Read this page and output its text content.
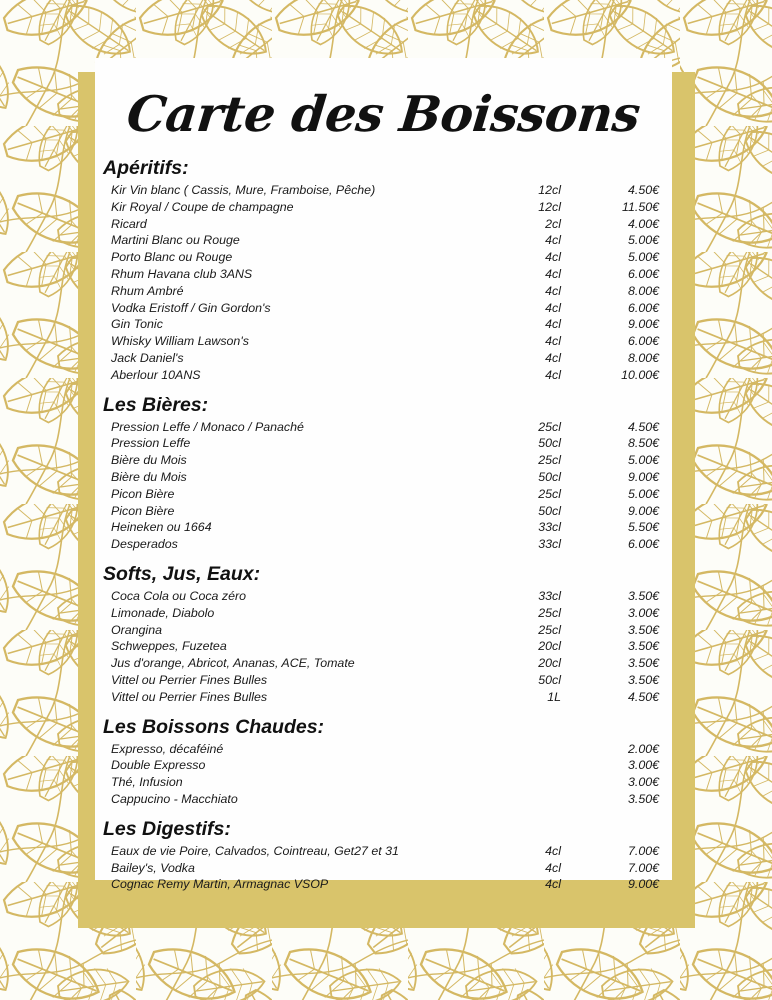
Carte des Boissons
Apéritifs:
Kir Vin blanc ( Cassis, Mure, Framboise, Pêche)	12cl	4.50€
Kir Royal / Coupe de champagne	12cl	11.50€
Ricard	2cl	4.00€
Martini Blanc ou Rouge	4cl	5.00€
Porto Blanc ou Rouge	4cl	5.00€
Rhum Havana club 3ANS	4cl	6.00€
Rhum Ambré	4cl	8.00€
Vodka Eristoff / Gin Gordon's	4cl	6.00€
Gin Tonic	4cl	9.00€
Whisky William Lawson's	4cl	6.00€
Jack Daniel's	4cl	8.00€
Aberlour 10ANS	4cl	10.00€
Les Bières:
Pression Leffe / Monaco / Panaché	25cl	4.50€
Pression Leffe	50cl	8.50€
Bière du Mois	25cl	5.00€
Bière du Mois	50cl	9.00€
Picon Bière	25cl	5.00€
Picon Bière	50cl	9.00€
Heineken ou 1664	33cl	5.50€
Desperados	33cl	6.00€
Softs, Jus, Eaux:
Coca Cola ou Coca zéro	33cl	3.50€
Limonade, Diabolo	25cl	3.00€
Orangina	25cl	3.50€
Schweppes, Fuzetea	20cl	3.50€
Jus d'orange, Abricot, Ananas, ACE, Tomate	20cl	3.50€
Vittel ou Perrier Fines Bulles	50cl	3.50€
Vittel ou Perrier Fines Bulles	1L	4.50€
Les Boissons Chaudes:
Expresso, décaféiné	2.00€
Double Expresso	3.00€
Thé, Infusion	3.00€
Cappucino - Macchiato	3.50€
Les Digestifs:
Eaux de vie Poire, Calvados, Cointreau, Get27 et 31	4cl	7.00€
Bailey's, Vodka	4cl	7.00€
Cognac Remy Martin, Armagnac VSOP	4cl	9.00€
